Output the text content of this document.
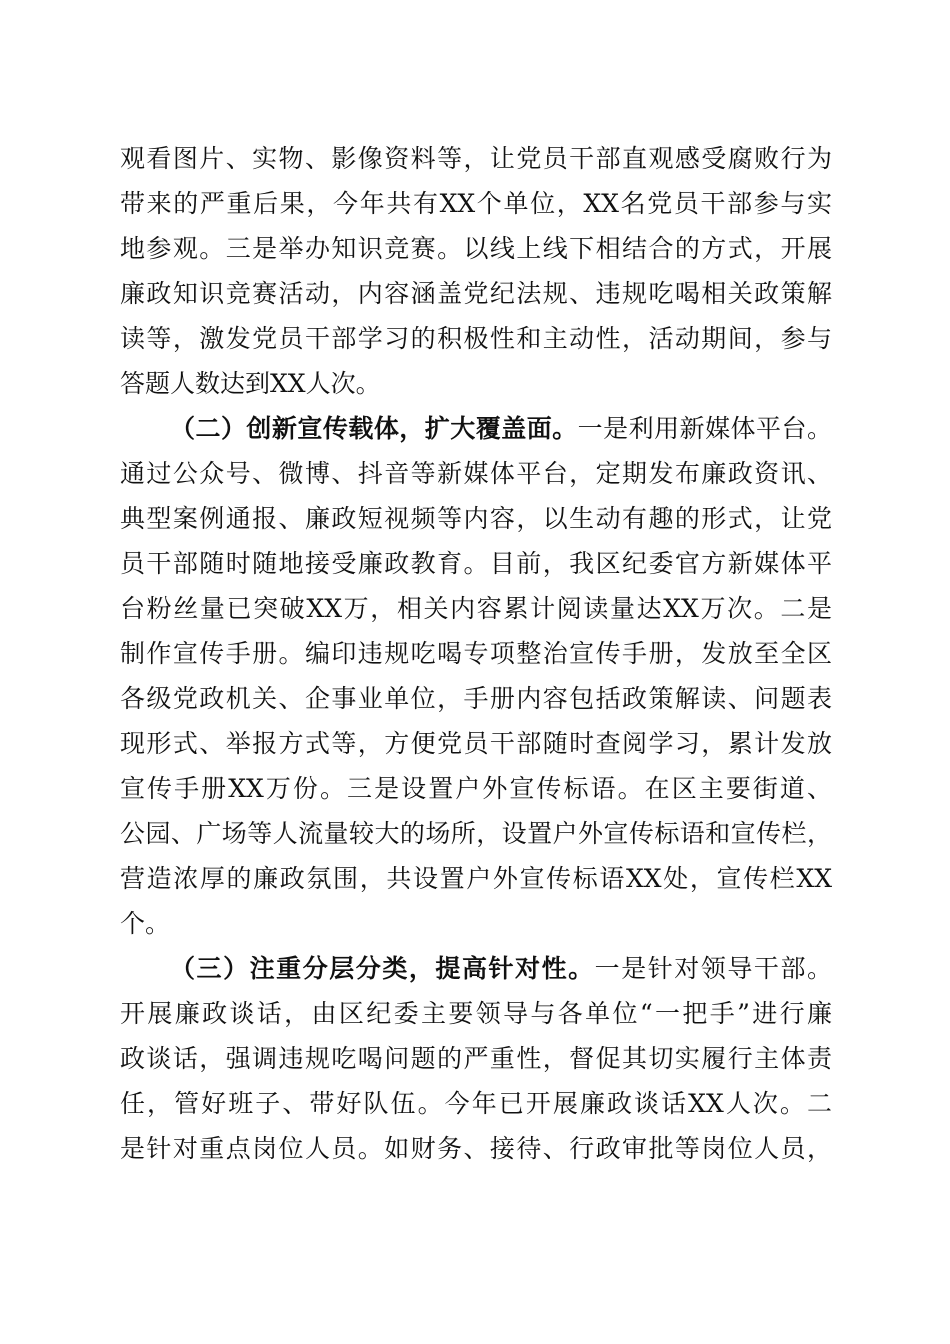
观看图片、实物、影像资料等，让党员干部直观感受腐败行为
带来的严重后果，今年共有XX个单位，XX名党员干部参与实
地参观。三是举办知识竞赛。以线上线下相结合的方式，开展
廉政知识竞赛活动，内容涵盖党纪法规、违规吃喝相关政策解
读等，激发党员干部学习的积极性和主动性，活动期间，参与
答题人数达到XX人次。
（二）创新宣传载体，扩大覆盖面。一是利用新媒体平台。
通过公众号、微博、抖音等新媒体平台，定期发布廉政资讯、
典型案例通报、廉政短视频等内容，以生动有趣的形式，让党
员干部随时随地接受廉政教育。目前，我区纪委官方新媒体平
台粉丝量已突破XX万，相关内容累计阅读量达XX万次。二是
制作宣传手册。编印违规吃喝专项整治宣传手册，发放至全区
各级党政机关、企事业单位，手册内容包括政策解读、问题表
现形式、举报方式等，方便党员干部随时查阅学习，累计发放
宣传手册XX万份。三是设置户外宣传标语。在区主要街道、
公园、广场等人流量较大的场所，设置户外宣传标语和宣传栏，
营造浓厚的廉政氛围，共设置户外宣传标语XX处，宣传栏XX
个。
（三）注重分层分类，提高针对性。一是针对领导干部。
开展廉政谈话，由区纪委主要领导与各单位“一把手”进行廉
政谈话，强调违规吃喝问题的严重性，督促其切实履行主体责
任，管好班子、带好队伍。今年已开展廉政谈话XX人次。二
是针对重点岗位人员。如财务、接待、行政审批等岗位人员，
